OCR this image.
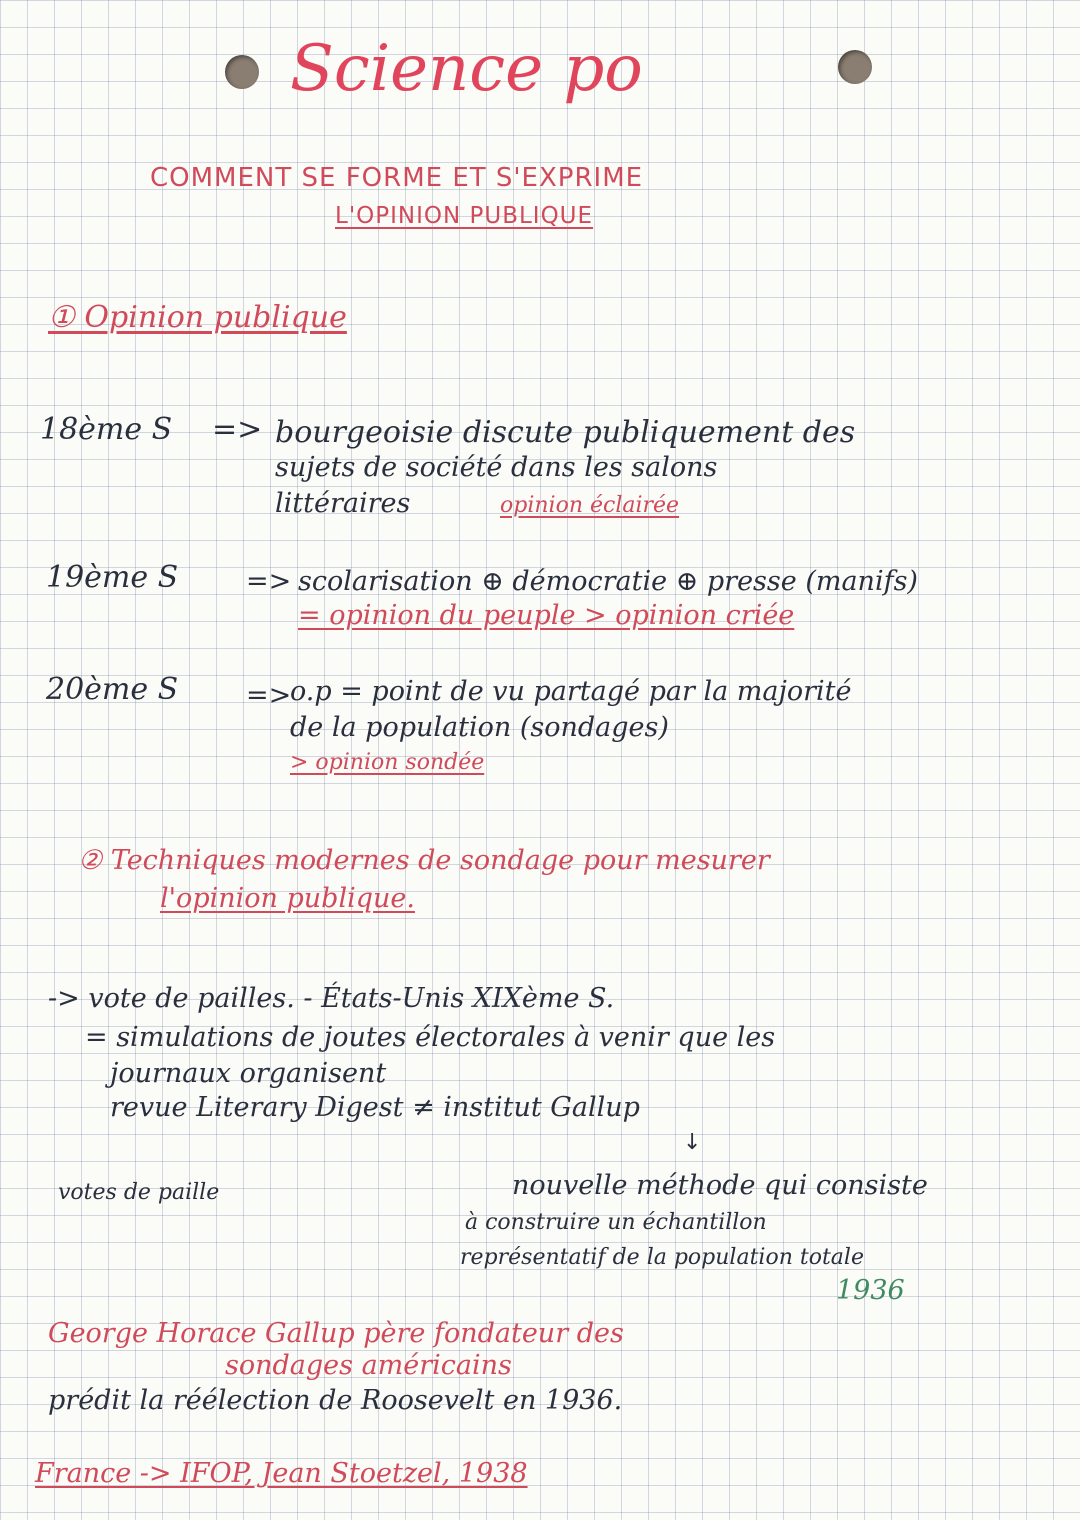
Science po
COMMENT SE FORME ET S'EXPRIME
L'OPINION PUBLIQUE
① Opinion publique
18ème S => bourgeoisie discute publiquement des
sujets de société dans les salons
littéraires	opinion éclairée
19ème S	=> scolarisation ⊕ démocratie ⊕ presse (manifs)
= opinion du peuple > opinion criée
20ème S	=>
o.p = point de vu partagé par la majorité
de la population (sondages)
> opinion sondée
② Techniques modernes de sondage pour mesurer
l'opinion publique.
-> vote de pailles. - États-Unis XIXème S.
= simulations de joutes électorales à venir que les
journaux organisent
revue Literary Digest ≠ institut Gallup
votes de paille
↓
nouvelle méthode qui consiste
à construire un échantillon
représentatif de la population totale
1936
George Horace Gallup père fondateur des
sondages américains
prédit la réélection de Roosevelt en 1936.
France -> IFOP, Jean Stoetzel, 1938
